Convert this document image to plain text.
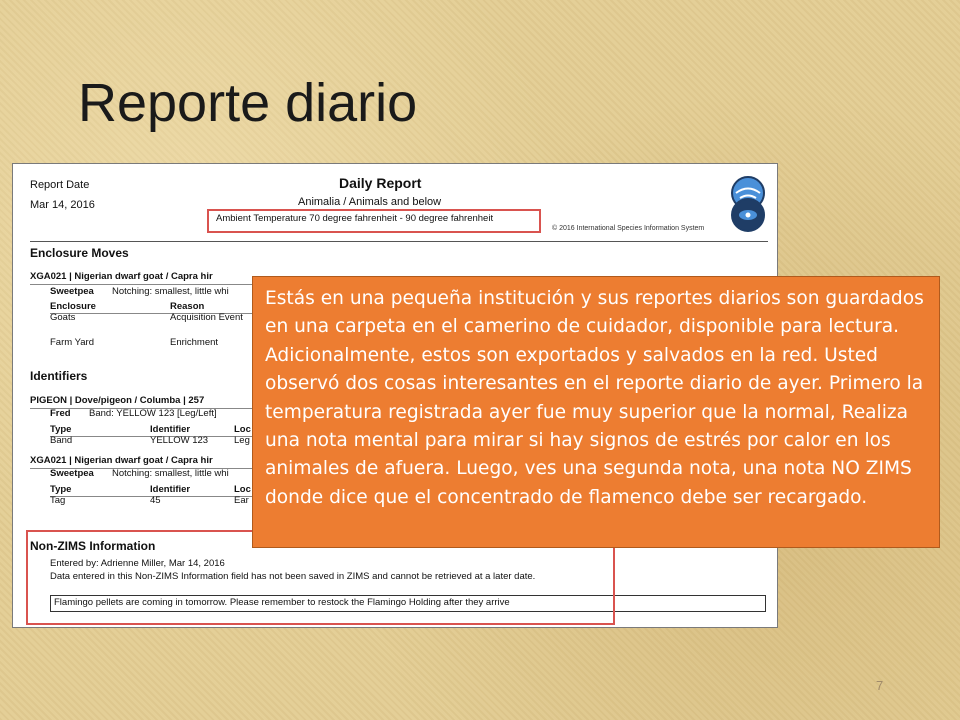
Reporte diario
Report Date
Mar 14, 2016
Daily Report
Animalia / Animals and below
Ambient Temperature 70 degree fahrenheit - 90 degree fahrenheit
© 2016 International Species Information System
Enclosure Moves
XGA021 | Nigerian dwarf goat / Capra hir
Sweetpea Notching: smallest, little whi
Enclosure	Reason
Goats	Acquisition Event
Farm Yard	Enrichment
Identifiers
PIGEON | Dove/pigeon / Columba | 257
Fred Band: YELLOW 123 [Leg/Left]
Type	Identifier	Loc
Band	YELLOW 123	Leg
XGA021 | Nigerian dwarf goat / Capra hir
Sweetpea Notching: smallest, little whi
Type	Identifier	Loc
Tag	45	Ear
Non-ZIMS Information
Entered by: Adrienne Miller, Mar 14, 2016
Data entered in this Non-ZIMS Information field has not been saved in ZIMS and cannot be retrieved at a later date.
Flamingo pellets are coming in tomorrow. Please remember to restock the Flamingo Holding after they arrive

Estás en una pequeña institución y sus reportes diarios son guardados en una carpeta en el camerino de cuidador, disponible para lectura. Adicionalmente, estos son exportados y salvados en la red. Usted observó dos cosas interesantes en el reporte diario de ayer. Primero la temperatura registrada ayer fue muy superior que la normal, Realiza una nota mental para mirar si hay signos de estrés por calor en los animales de afuera. Luego, ves una segunda nota, una nota NO ZIMS donde dice que el concentrado de flamenco debe ser recargado.

7
